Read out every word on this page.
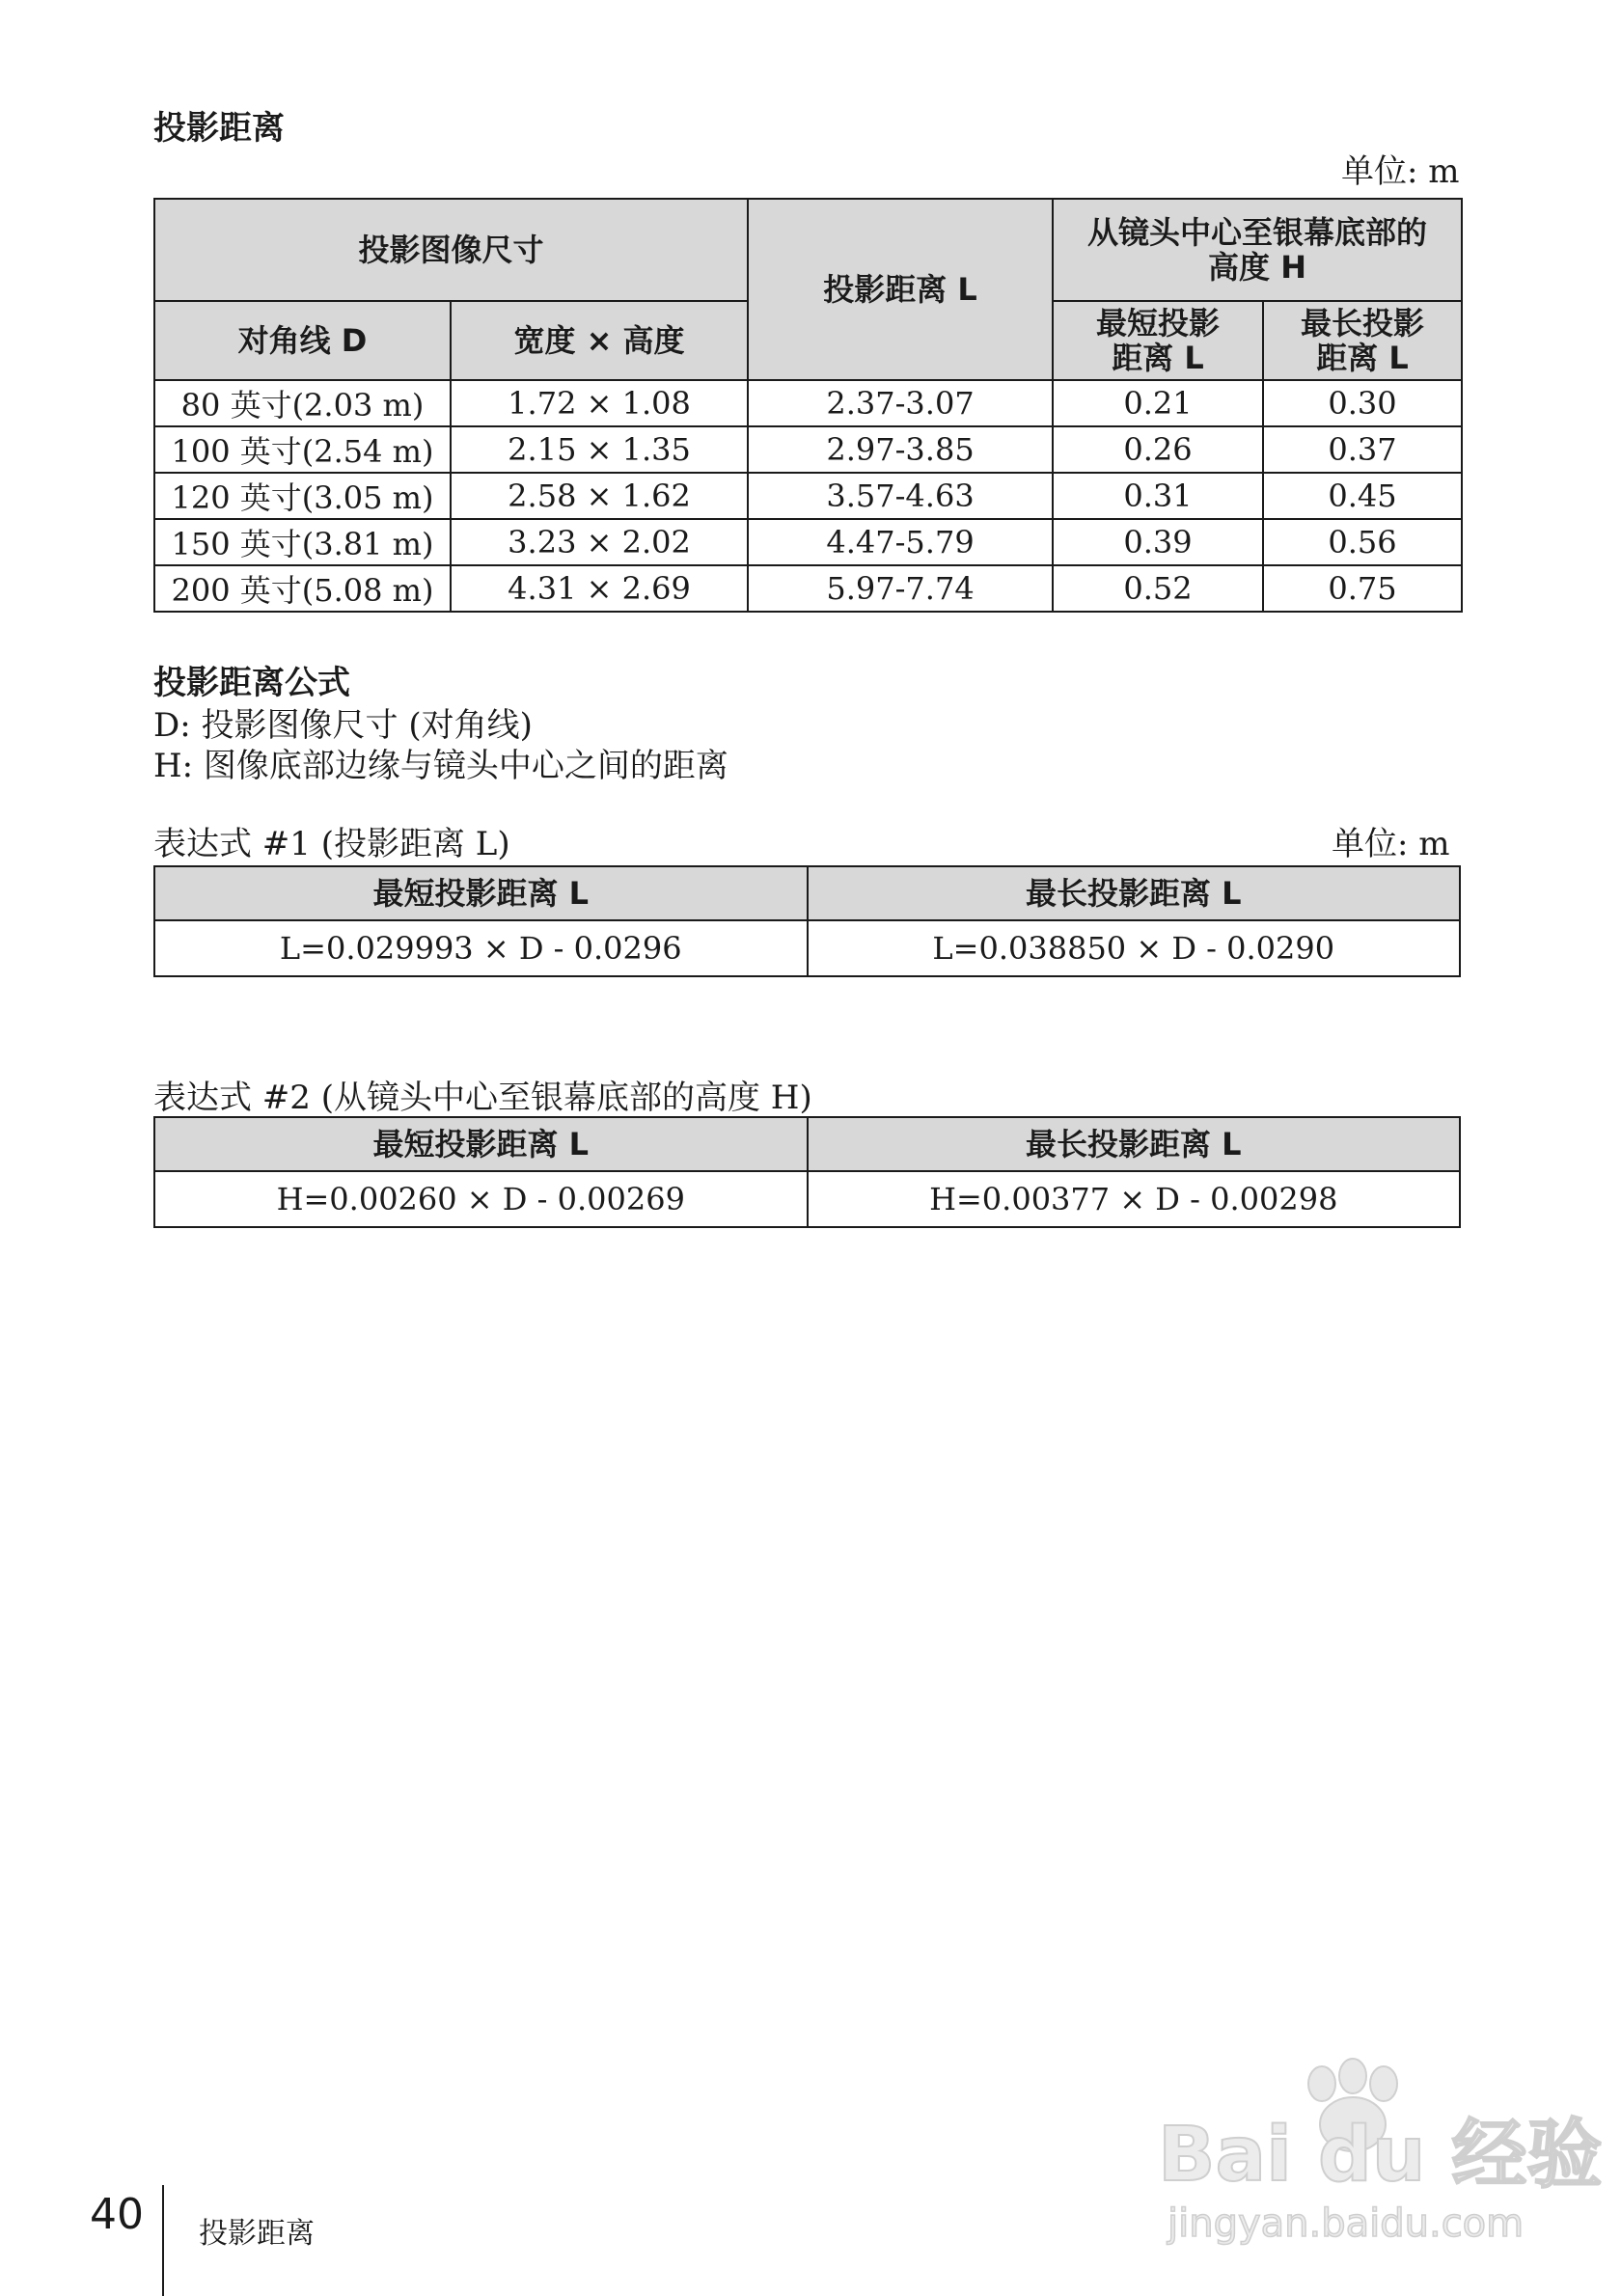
投影距离
单位: m
投影图像尺寸		投影距离 L	从镜头中心至银幕底部的高度 H	
对角线 D	宽度 × 高度		最短投影距离 L	最长投影距离 L
80 英寸(2.03 m)	1.72 × 1.08	2.37-3.07	0.21	0.30
100 英寸(2.54 m)	2.15 × 1.35	2.97-3.85	0.26	0.37
120 英寸(3.05 m)	2.58 × 1.62	3.57-4.63	0.31	0.45
150 英寸(3.81 m)	3.23 × 2.02	4.47-5.79	0.39	0.56
200 英寸(5.08 m)	4.31 × 2.69	5.97-7.74	0.52	0.75
投影距离公式
D: 投影图像尺寸 (对角线)
H: 图像底部边缘与镜头中心之间的距离
表达式 #1 (投影距离 L)	单位: m
最短投影距离 L	最长投影距离 L
L=0.029993 × D - 0.0296	L=0.038850 × D - 0.0290
表达式 #2 (从镜头中心至银幕底部的高度 H)
最短投影距离 L	最长投影距离 L
H=0.00260 × D - 0.00269	H=0.00377 × D - 0.00298
40 投影距离
Bai du 经验
jingyan.baidu.com
